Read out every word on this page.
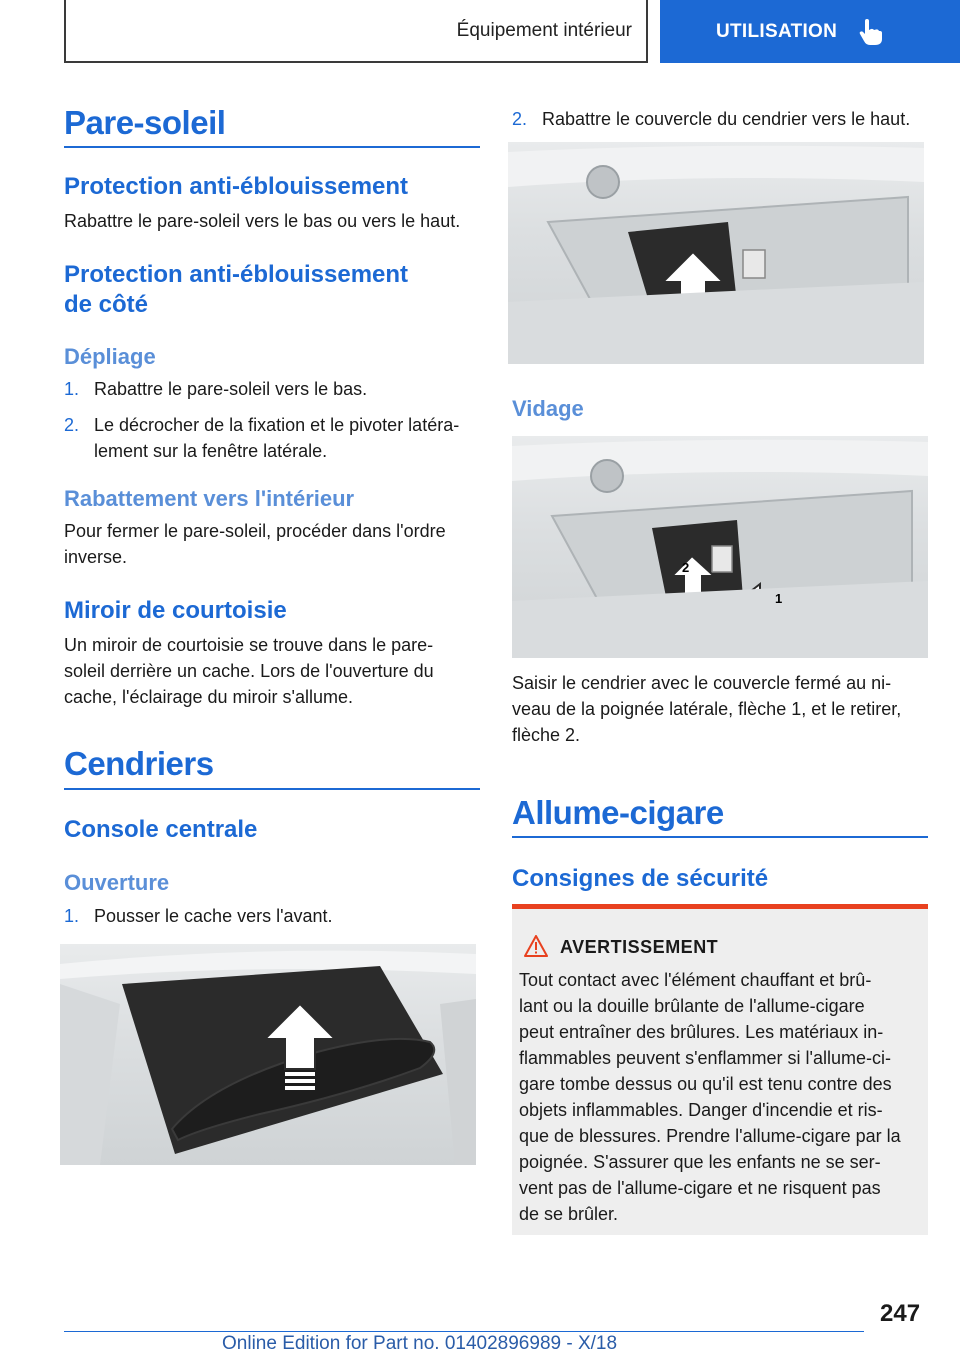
Équipement intérieur	UTILISATION
Pare-soleil
Protection anti-éblouissement
Rabattre le pare-soleil vers le bas ou vers le haut.
Protection anti-éblouissement
de côté
Dépliage
1. Rabattre le pare-soleil vers le bas.
2. Le décrocher de la fixation et le pivoter latéra-
lement sur la fenêtre latérale.
Rabattement vers l'intérieur
Pour fermer le pare-soleil, procéder dans l'ordre
inverse.
Miroir de courtoisie
Un miroir de courtoisie se trouve dans le pare-
soleil derrière un cache. Lors de l'ouverture du
cache, l'éclairage du miroir s'allume.
Cendriers
Console centrale
Ouverture
1. Pousser le cache vers l'avant.
2. Rabattre le couvercle du cendrier vers le haut.
Vidage
2
1
Saisir le cendrier avec le couvercle fermé au ni-
veau de la poignée latérale, flèche 1, et le retirer,
flèche 2.
Allume-cigare
Consignes de sécurité
AVERTISSEMENT
Tout contact avec l'élément chauffant et brû-
lant ou la douille brûlante de l'allume-cigare
peut entraîner des brûlures. Les matériaux in-
flammables peuvent s'enflammer si l'allume-ci-
gare tombe dessus ou qu'il est tenu contre des
objets inflammables. Danger d'incendie et ris-
que de blessures. Prendre l'allume-cigare par la
poignée. S'assurer que les enfants ne se ser-
vent pas de l'allume-cigare et ne risquent pas
de se brûler.
247
Online Edition for Part no. 01402896989 - X/18
